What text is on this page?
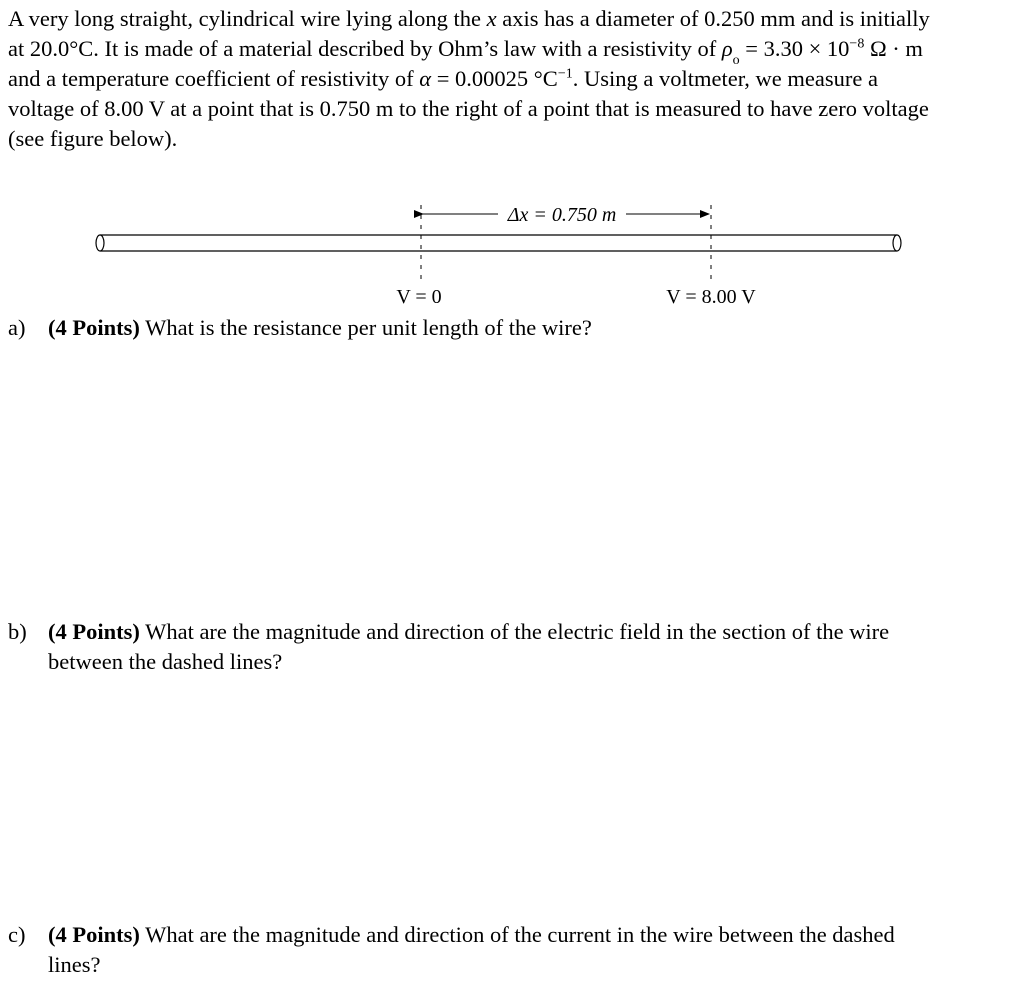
A very long straight, cylindrical wire lying along the x axis has a diameter of 0.250 mm and is initially

at 20.0°C. It is made of a material described by Ohm’s law with a resistivity of $\rho_o = 3.30 \times 10^{-8}$ Ω · m

and a temperature coefficient of resistivity of α = 0.00025 $^\circ C^{-1}$. Using a voltmeter, we measure a

voltage of 8.00 V at a point that is 0.750 m to the right of a point that is measured to have zero voltage

(see figure below).

Δx = 0.750 m
V = 0	V = 8.00 V
a) (4 Points) What is the resistance per unit length of the wire?
b) (4 Points) What are the magnitude and direction of the electric field in the section of the wire
between the dashed lines?
c) (4 Points) What are the magnitude and direction of the current in the wire between the dashed
lines?
